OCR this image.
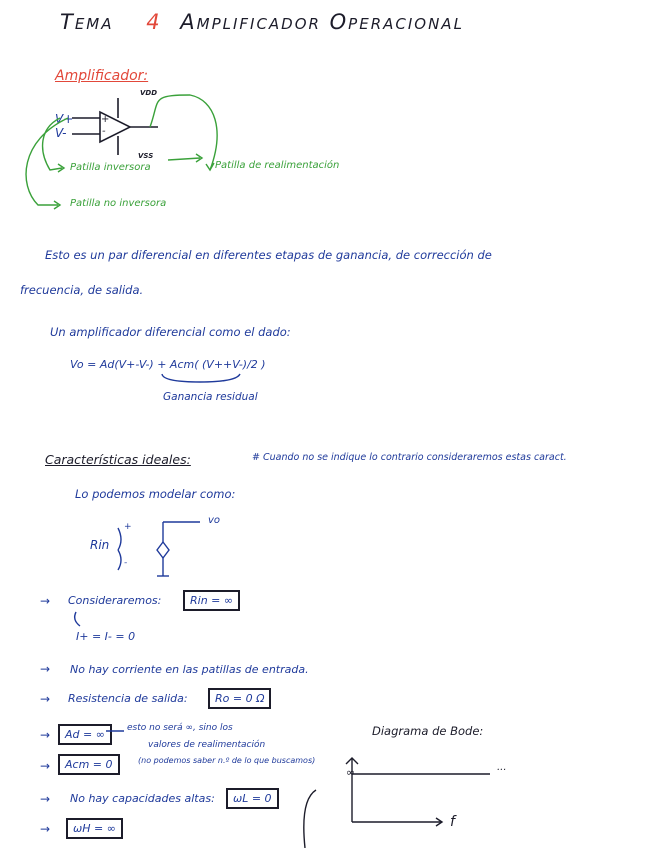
Tema 4 Amplificador Operacional
Amplificador:
V+
V-
+
-
VDD
VSS
Patilla inversora
Patilla no inversora
Patilla de realimentación
Esto es un par diferencial en diferentes etapas de ganancia, de corrección de
frecuencia, de salida.
Un amplificador diferencial como el dado:
Vo = Ad(V+-V-) + Acm( (V++V-)/2 )
Ganancia residual
Características ideales:	# Cuando no se indique lo contrario consideraremos estas caract.
Lo podemos modelar como:
Rin
+
-
vo
→ Consideraremos:	Rin = ∞
I+ = I- = 0
→ No hay corriente en las patillas de entrada.
→ Resistencia de salida:	Ro = 0 Ω
→	Ad = ∞	esto no será ∞, sino los
valores de realimentación
(no podemos saber n.º de lo que buscamos)
→	Acm = 0
→ No hay capacidades altas:	ωL = 0
→	ωH = ∞
Diagrama de Bode:
∞	...
f
